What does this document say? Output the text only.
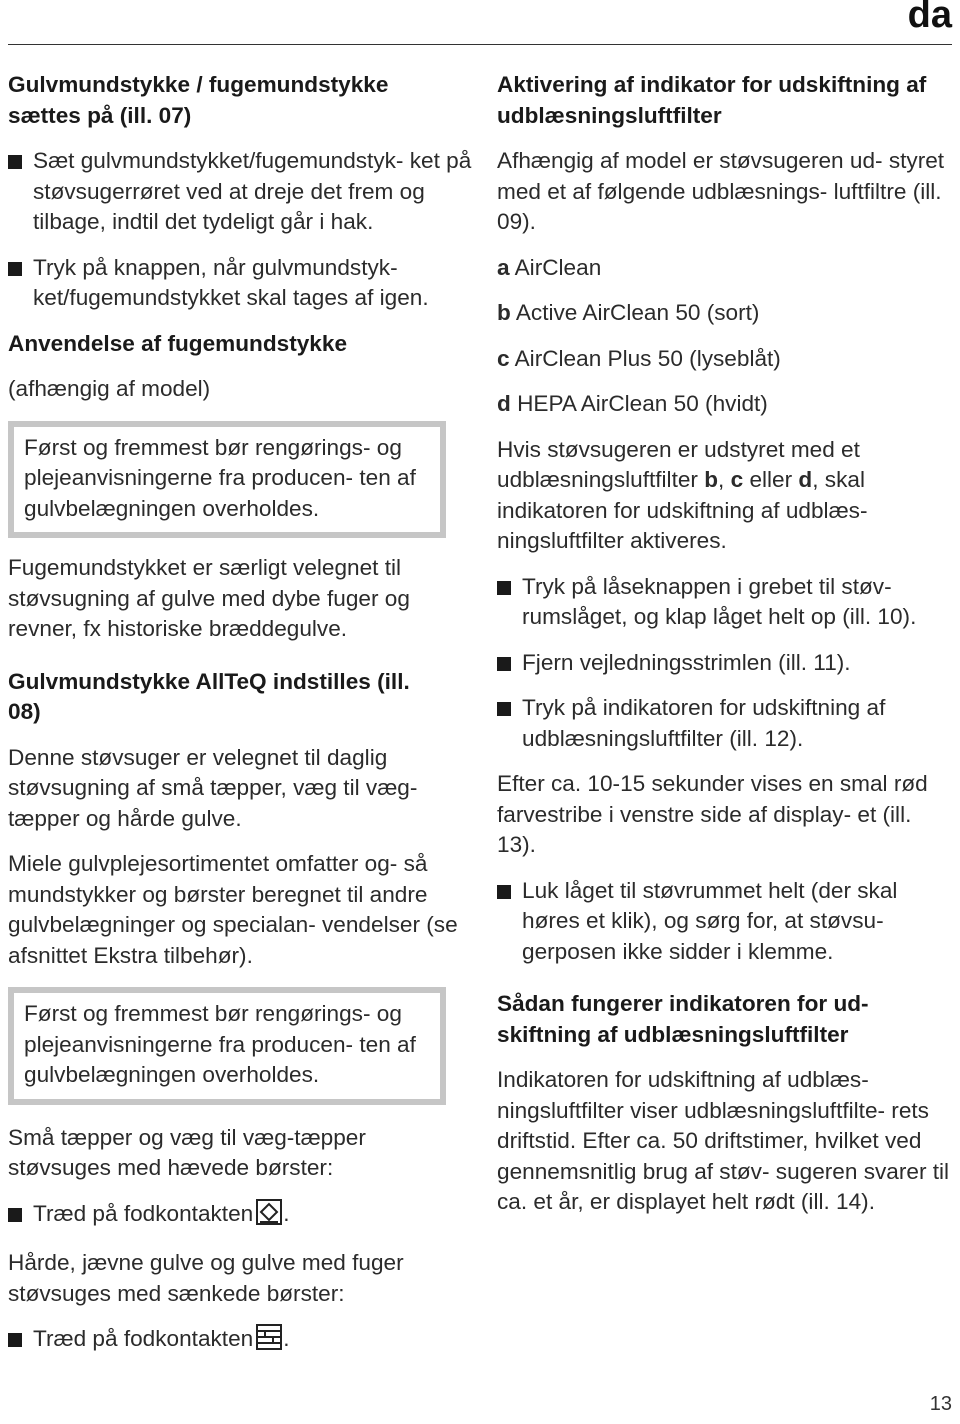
da

Gulvmundstykke / fugemundstykke sættes på (ill. 07)

Sæt gulvmundstykket/fugemundstyk- ket på støvsugerrøret ved at dreje det frem og tilbage, indtil det tydeligt går i hak.
Tryk på knappen, når gulvmundstyk- ket/fugemundstykket skal tages af igen.

Anvendelse af fugemundstykke

(afhængig af model)

Først og fremmest bør rengørings- og plejeanvisningerne fra producen- ten af gulvbelægningen overholdes.

Fugemundstykket er særligt velegnet til støvsugning af gulve med dybe fuger og revner, fx historiske bræddegulve.

Gulvmundstykke AllTeQ indstilles (ill. 08)

Denne støvsuger er velegnet til daglig støvsugning af små tæpper, væg til væg-tæpper og hårde gulve.

Miele gulvplejesortimentet omfatter og- så mundstykker og børster beregnet til andre gulvbelægninger og specialan- vendelser (se afsnittet Ekstra tilbehør).

Først og fremmest bør rengørings- og plejeanvisningerne fra producen- ten af gulvbelægningen overholdes.

Små tæpper og væg til væg-tæpper støvsuges med hævede børster:

Træd på fodkontakten .

Hårde, jævne gulve og gulve med fuger støvsuges med sænkede børster:

Træd på fodkontakten .

Aktivering af indikator for udskiftning af udblæsningsluftfilter

Afhængig af model er støvsugeren ud- styret med et af følgende udblæsnings- luftfiltre (ill. 09).

a AirClean

b Active AirClean 50 (sort)

c AirClean Plus 50 (lyseblåt)

d HEPA AirClean 50 (hvidt)

Hvis støvsugeren er udstyret med et udblæsningsluftfilter b, c eller d, skal indikatoren for udskiftning af udblæs- ningsluftfilter aktiveres.

Tryk på låseknappen i grebet til støv- rumslåget, og klap låget helt op (ill. 10).
Fjern vejledningsstrimlen (ill. 11).
Tryk på indikatoren for udskiftning af udblæsningsluftfilter (ill. 12).

Efter ca. 10-15 sekunder vises en smal rød farvestribe i venstre side af display- et (ill. 13).

Luk låget til støvrummet helt (der skal høres et klik), og sørg for, at støvsu- gerposen ikke sidder i klemme.

Sådan fungerer indikatoren for ud- skiftning af udblæsningsluftfilter

Indikatoren for udskiftning af udblæs- ningsluftfilter viser udblæsningsluftfilte- rets driftstid. Efter ca. 50 driftstimer, hvilket ved gennemsnitlig brug af støv- sugeren svarer til ca. et år, er displayet helt rødt (ill. 14).

13
